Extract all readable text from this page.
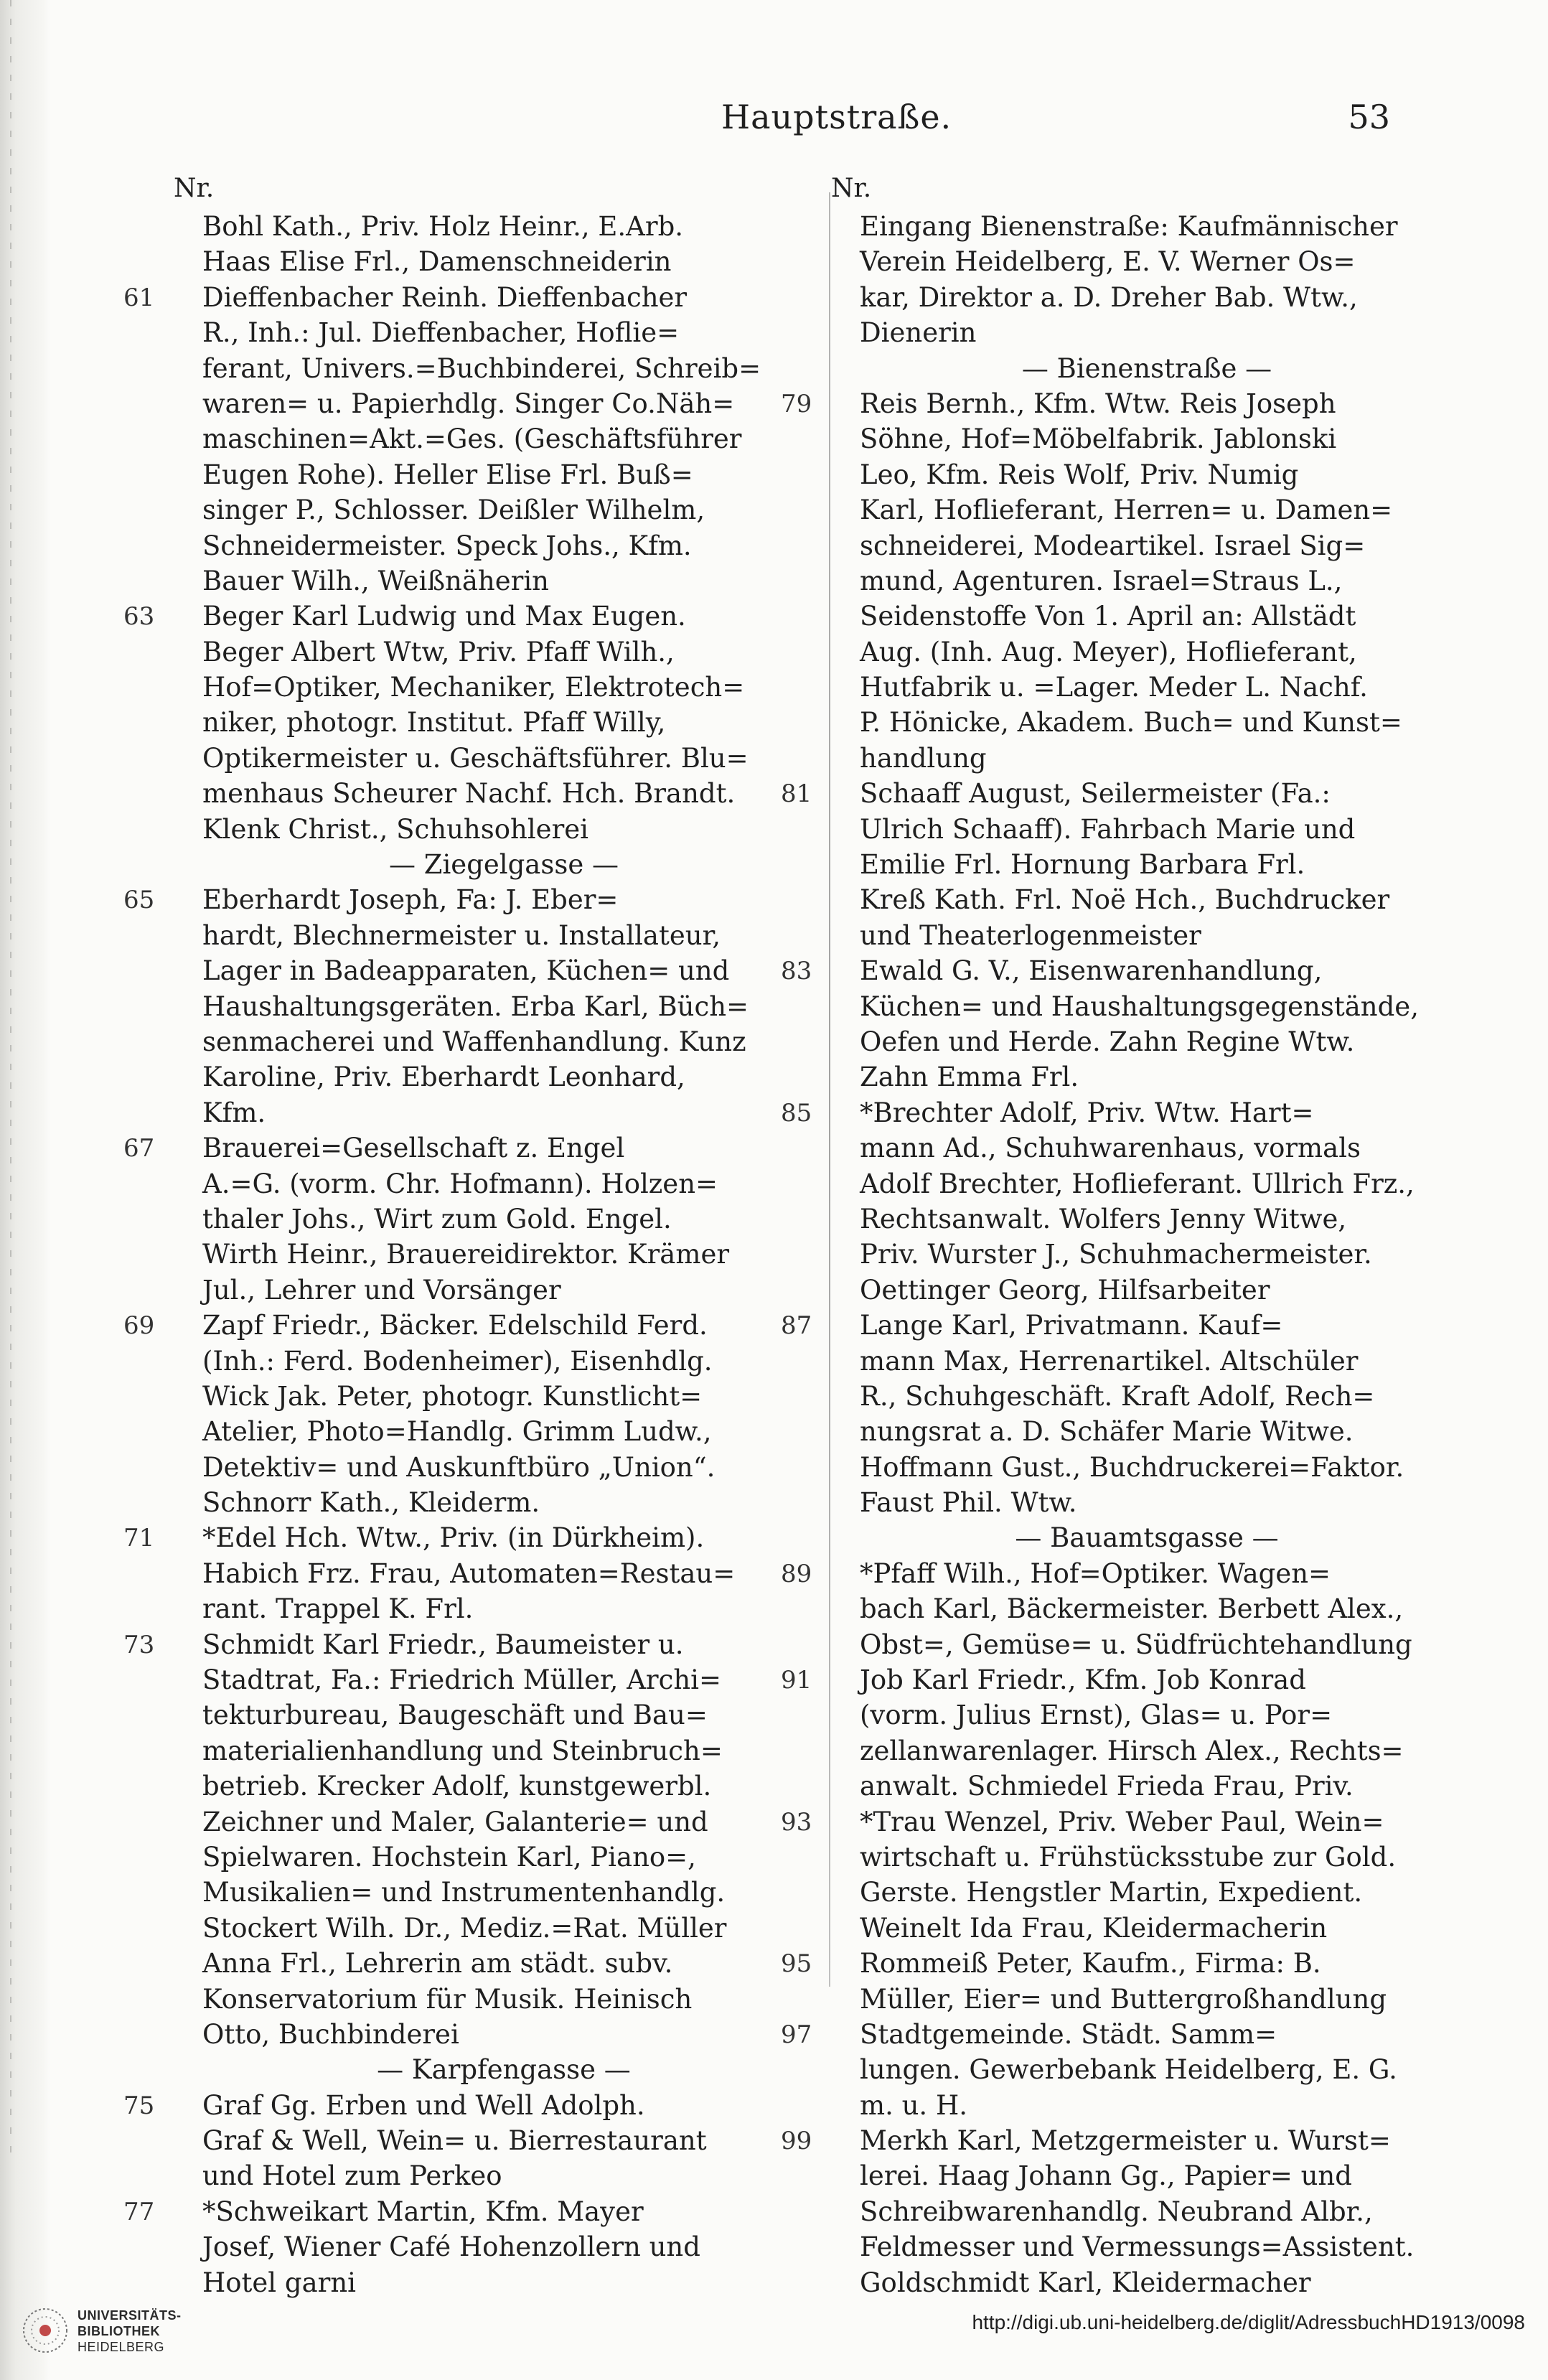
Hauptstraße.	53
Nr.
Bohl Kath., Priv. Holz Heinr., E.Arb.
Haas Elise Frl., Damenschneiderin
61 Dieffenbacher Reinh. Dieffenbacher
R., Inh.: Jul. Dieffenbacher, Hoflie=
ferant, Univers.=Buchbinderei, Schreib=
waren= u. Papierhdlg. Singer Co.Näh=
maschinen=Akt.=Ges. (Geschäftsführer
Eugen Rohe). Heller Elise Frl. Buß=
singer P., Schlosser. Deißler Wilhelm,
Schneidermeister. Speck Johs., Kfm.
Bauer Wilh., Weißnäherin
63 Beger Karl Ludwig und Max Eugen.
Beger Albert Wtw, Priv. Pfaff Wilh.,
Hof=Optiker, Mechaniker, Elektrotech=
niker, photogr. Institut. Pfaff Willy,
Optikermeister u. Geschäftsführer. Blu=
menhaus Scheurer Nachf. Hch. Brandt.
Klenk Christ., Schuhsohlerei
— Ziegelgasse —
65 Eberhardt Joseph, Fa: J. Eber=
hardt, Blechnermeister u. Installateur,
Lager in Badeapparaten, Küchen= und
Haushaltungsgeräten. Erba Karl, Büch=
senmacherei und Waffenhandlung. Kunz
Karoline, Priv. Eberhardt Leonhard,
Kfm.
67 Brauerei=Gesellschaft z. Engel
A.=G. (vorm. Chr. Hofmann). Holzen=
thaler Johs., Wirt zum Gold. Engel.
Wirth Heinr., Brauereidirektor. Krämer
Jul., Lehrer und Vorsänger
69 Zapf Friedr., Bäcker. Edelschild Ferd.
(Inh.: Ferd. Bodenheimer), Eisenhdlg.
Wick Jak. Peter, photogr. Kunstlicht=
Atelier, Photo=Handlg. Grimm Ludw.,
Detektiv= und Auskunftbüro „Union“.
Schnorr Kath., Kleiderm.
71 *Edel Hch. Wtw., Priv. (in Dürkheim).
Habich Frz. Frau, Automaten=Restau=
rant. Trappel K. Frl.
73 Schmidt Karl Friedr., Baumeister u.
Stadtrat, Fa.: Friedrich Müller, Archi=
tekturbureau, Baugeschäft und Bau=
materialienhandlung und Steinbruch=
betrieb. Krecker Adolf, kunstgewerbl.
Zeichner und Maler, Galanterie= und
Spielwaren. Hochstein Karl, Piano=,
Musikalien= und Instrumentenhandlg.
Stockert Wilh. Dr., Mediz.=Rat. Müller
Anna Frl., Lehrerin am städt. subv.
Konservatorium für Musik. Heinisch
Otto, Buchbinderei
— Karpfengasse —
75 Graf Gg. Erben und Well Adolph.
Graf & Well, Wein= u. Bierrestaurant
und Hotel zum Perkeo
77 *Schweikart Martin, Kfm. Mayer
Josef, Wiener Café Hohenzollern und
Hotel garni
Nr.
Eingang Bienenstraße: Kaufmännischer
Verein Heidelberg, E. V. Werner Os=
kar, Direktor a. D. Dreher Bab. Wtw.,
Dienerin
— Bienenstraße —
79 Reis Bernh., Kfm. Wtw. Reis Joseph
Söhne, Hof=Möbelfabrik. Jablonski
Leo, Kfm. Reis Wolf, Priv. Numig
Karl, Hoflieferant, Herren= u. Damen=
schneiderei, Modeartikel. Israel Sig=
mund, Agenturen. Israel=Straus L.,
Seidenstoffe Von 1. April an: Allstädt
Aug. (Inh. Aug. Meyer), Hoflieferant,
Hutfabrik u. =Lager. Meder L. Nachf.
P. Hönicke, Akadem. Buch= und Kunst=
handlung
81 Schaaff August, Seilermeister (Fa.:
Ulrich Schaaff). Fahrbach Marie und
Emilie Frl. Hornung Barbara Frl.
Kreß Kath. Frl. Noë Hch., Buchdrucker
und Theaterlogenmeister
83 Ewald G. V., Eisenwarenhandlung,
Küchen= und Haushaltungsgegenstände,
Oefen und Herde. Zahn Regine Wtw.
Zahn Emma Frl.
85 *Brechter Adolf, Priv. Wtw. Hart=
mann Ad., Schuhwarenhaus, vormals
Adolf Brechter, Hoflieferant. Ullrich Frz.,
Rechtsanwalt. Wolfers Jenny Witwe,
Priv. Wurster J., Schuhmachermeister.
Oettinger Georg, Hilfsarbeiter
87 Lange Karl, Privatmann. Kauf=
mann Max, Herrenartikel. Altschüler
R., Schuhgeschäft. Kraft Adolf, Rech=
nungsrat a. D. Schäfer Marie Witwe.
Hoffmann Gust., Buchdruckerei=Faktor.
Faust Phil. Wtw.
— Bauamtsgasse —
89 *Pfaff Wilh., Hof=Optiker. Wagen=
bach Karl, Bäckermeister. Berbett Alex.,
Obst=, Gemüse= u. Südfrüchtehandlung
91 Job Karl Friedr., Kfm. Job Konrad
(vorm. Julius Ernst), Glas= u. Por=
zellanwarenlager. Hirsch Alex., Rechts=
anwalt. Schmiedel Frieda Frau, Priv.
93 *Trau Wenzel, Priv. Weber Paul, Wein=
wirtschaft u. Frühstücksstube zur Gold.
Gerste. Hengstler Martin, Expedient.
Weinelt Ida Frau, Kleidermacherin
95 Rommeiß Peter, Kaufm., Firma: B.
Müller, Eier= und Buttergroßhandlung
97 Stadtgemeinde. Städt. Samm=
lungen. Gewerbebank Heidelberg, E. G.
m. u. H.
99 Merkh Karl, Metzgermeister u. Wurst=
lerei. Haag Johann Gg., Papier= und
Schreibwarenhandlg. Neubrand Albr.,
Feldmesser und Vermessungs=Assistent.
Goldschmidt Karl, Kleidermacher
UNIVERSITÄTS-
BIBLIOTHEK
HEIDELBERG
http://digi.ub.uni-heidelberg.de/diglit/AdressbuchHD1913/0098
